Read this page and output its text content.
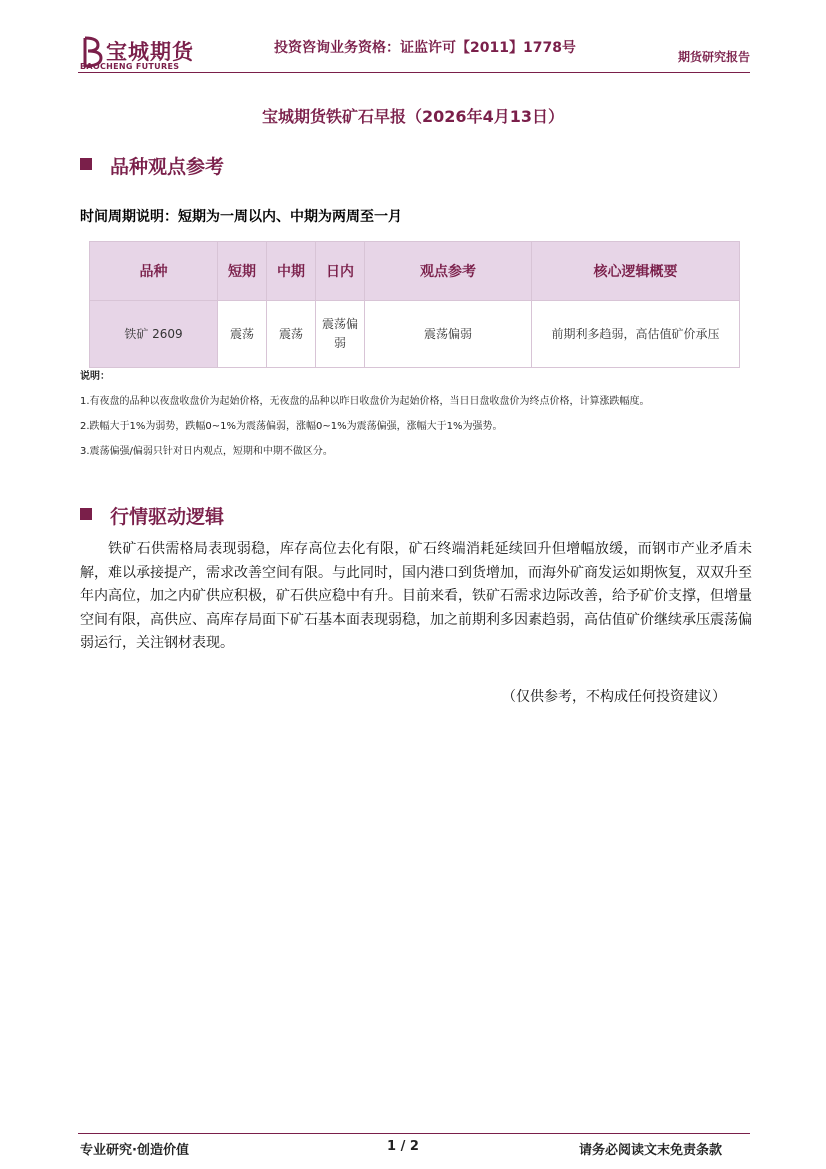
宝城期货
BAOCHENG FUTURES
投资咨询业务资格：证监许可【2011】1778号
期货研究报告
宝城期货铁矿石早报（2026年4月13日）
品种观点参考
时间周期说明：短期为一周以内、中期为两周至一月
品种	短期	中期	日内	观点参考	核心逻辑概要
铁矿 2609	震荡	震荡	震荡偏弱	震荡偏弱	前期利多趋弱，高估值矿价承压
说明：
1.有夜盘的品种以夜盘收盘价为起始价格，无夜盘的品种以昨日收盘价为起始价格，当日日盘收盘价为终点价格，计算涨跌幅度。
2.跌幅大于1%为弱势，跌幅0~1%为震荡偏弱，涨幅0~1%为震荡偏强，涨幅大于1%为强势。
3.震荡偏强/偏弱只针对日内观点，短期和中期不做区分。
行情驱动逻辑
铁矿石供需格局表现弱稳，库存高位去化有限，矿石终端消耗延续回升但增幅放缓，而钢市产业矛盾未解，难以承接提产，需求改善空间有限。与此同时，国内港口到货增加，而海外矿商发运如期恢复，双双升至年内高位，加之内矿供应积极，矿石供应稳中有升。目前来看，铁矿石需求边际改善，给予矿价支撑，但增量空间有限，高供应、高库存局面下矿石基本面表现弱稳，加之前期利多因素趋弱，高估值矿价继续承压震荡偏弱运行，关注钢材表现。
（仅供参考，不构成任何投资建议）
专业研究·创造价值	1 / 2	请务必阅读文末免责条款
